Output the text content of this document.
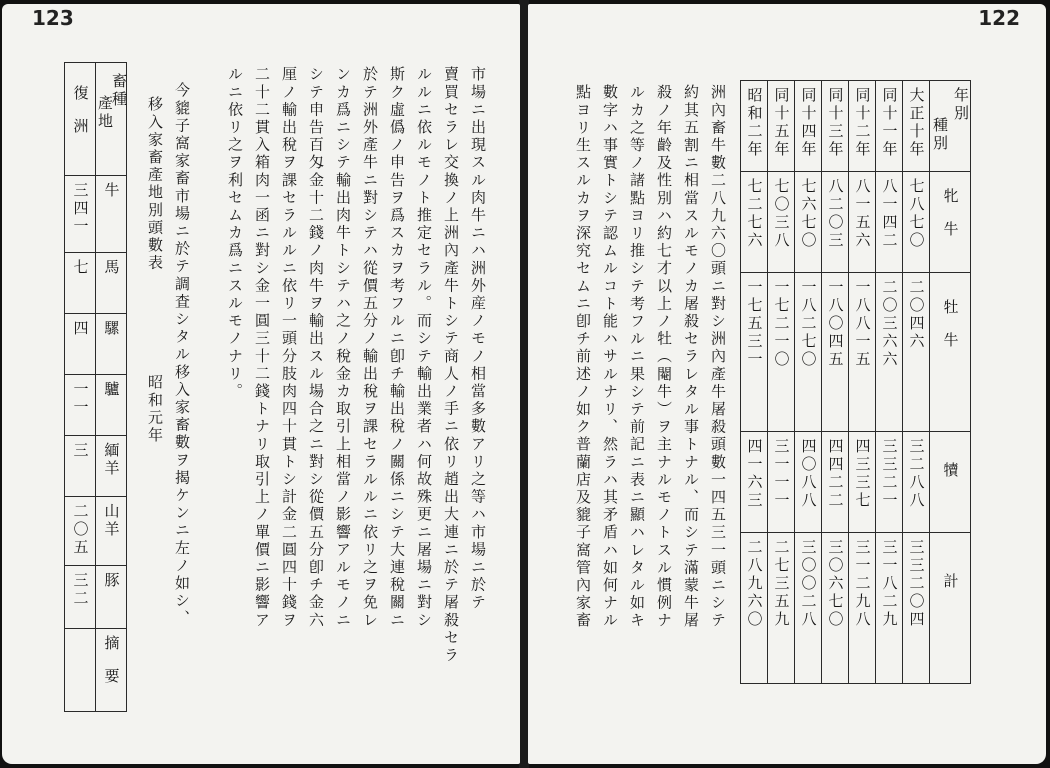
123
市場ニ出現スル肉牛ニハ洲外産ノモノ相當多數アリ之等ハ市場ニ於テ
賣買セラレ交換ノ上洲內產牛トシテ商人ノ手ニ依リ趙出大連ニ於テ屠殺セラ
ルルニ依ルモノト推定セラル。而シテ輸出業者ハ何故殊更ニ屠場ニ對シ
斯ク虛僞ノ申告ヲ爲スカヲ考フルニ卽チ輸出稅ノ關係ニシテ大連稅關ニ
於テ洲外產牛ニ對シテハ從價五分ノ輸出稅ヲ課セラルルニ依リ之ヲ免レ
ンカ爲ニシテ輸出肉牛トシテハ之ノ稅金カ取引上相當ノ影響アルモノニ
シテ申告百匁金十二錢ノ肉牛ヲ輸出スル場合之ニ對シ從價五分卽チ金六
厘ノ輸出稅ヲ課セラルルニ依リ一頭分肢肉四十貫トシ計金二圓四十錢ヲ
二十二貫入箱肉一函ニ對シ金一圓三十二錢トナリ取引上ノ單價ニ影響ア
ルニ依リ之ヲ利セムカ爲ニスルモノナリ。
今貔子窩家畜市場ニ於テ調査シタル移入家畜數ヲ揭ケンニ左ノ如シ、
移入家畜產地別頭數表
昭和元年

復洲	畜種
產地

三四一	牛
七	馬
四	騾
一一	驢
三	緬羊
二〇五	山羊
三二	豚
	摘要
122
昭和二年	同十五年	同十四年	同十三年	同十二年	同十一年	大正十年	年別
種別

七二七六	七〇三八	七六七〇	八二〇三	八一五六	八一四二	七八七〇	牝牛
一七五三一	一七二一〇	一八二七〇	一八〇四五	一八八一五	二〇三六六	二〇四六	牡牛
四一六三	三一一一	四〇八八	四四二二	四三三七	三三二一	三二八八	犢
二八九六〇	二七三五九	三〇〇二八	三〇六七〇	三一二九八	三一八二九	三三二〇四	計
洲內畜牛數二八九六〇頭ニ對シ洲內產牛屠殺頭數一四五三一頭ニシテ
約其五割ニ相當スルモノカ屠殺セラレタル事トナル、而シテ滿蒙牛屠
殺ノ年齡及性別ハ約七才以上ノ牡（閹牛）ヲ主ナルモノトスル慣例ナ
ルカ之等ノ諸點ヨリ推シテ考フルニ果シテ前記ニ表ニ顯ハレタル如キ
數字ハ事實トシテ認ムルコト能ハサルナリ、然ラハ其矛盾ハ如何ナル
點ヨリ生スルカヲ深究セムニ卽チ前述ノ如ク普蘭店及貔子窩管內家畜
